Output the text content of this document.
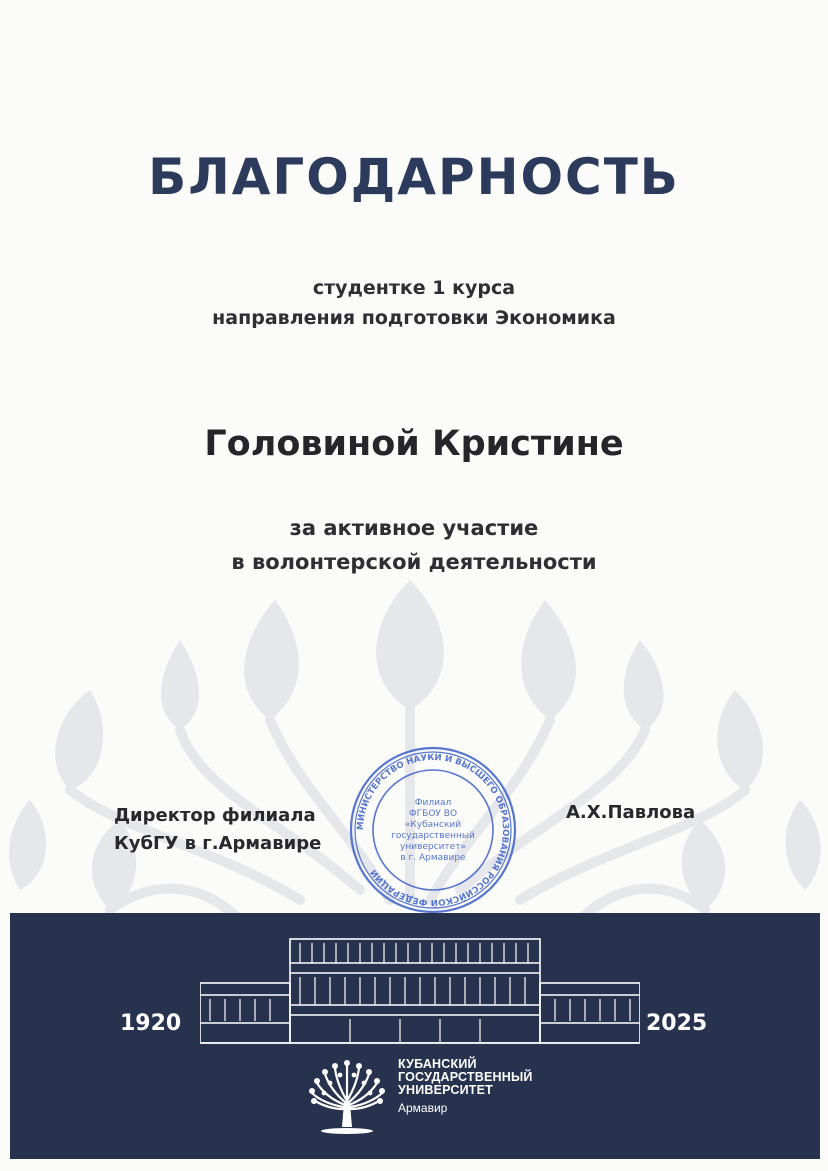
БЛАГОДАРНОСТЬ
студентке 1 курса
направления подготовки Экономика
Головиной Кристине
за активное участие
в волонтерской деятельности
Директор филиала
КубГУ в г.Армавире
А.Х.Павлова
МИНИСТЕРСТВО НАУКИ И ВЫСШЕГО ОБРАЗОВАНИЯ РОССИЙСКОЙ ФЕДЕРАЦИИ
Филиал
ФГБОУ ВО
«Кубанский
государственный
университет»
в г. Армавире
1920	2025
КУБАНСКИЙ
ГОСУДАРСТВЕННЫЙ
УНИВЕРСИТЕТ
Армавир
